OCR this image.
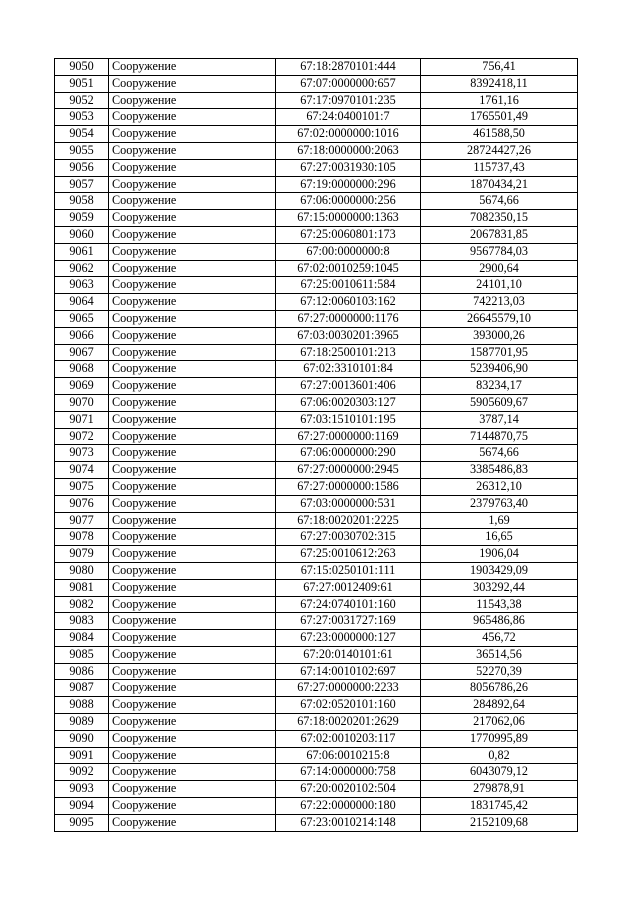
9050	Сооружение	67:18:2870101:444	756,41
9051	Сооружение	67:07:0000000:657	8392418,11
9052	Сооружение	67:17:0970101:235	1761,16
9053	Сооружение	67:24:0400101:7	1765501,49
9054	Сооружение	67:02:0000000:1016	461588,50
9055	Сооружение	67:18:0000000:2063	28724427,26
9056	Сооружение	67:27:0031930:105	115737,43
9057	Сооружение	67:19:0000000:296	1870434,21
9058	Сооружение	67:06:0000000:256	5674,66
9059	Сооружение	67:15:0000000:1363	7082350,15
9060	Сооружение	67:25:0060801:173	2067831,85
9061	Сооружение	67:00:0000000:8	9567784,03
9062	Сооружение	67:02:0010259:1045	2900,64
9063	Сооружение	67:25:0010611:584	24101,10
9064	Сооружение	67:12:0060103:162	742213,03
9065	Сооружение	67:27:0000000:1176	26645579,10
9066	Сооружение	67:03:0030201:3965	393000,26
9067	Сооружение	67:18:2500101:213	1587701,95
9068	Сооружение	67:02:3310101:84	5239406,90
9069	Сооружение	67:27:0013601:406	83234,17
9070	Сооружение	67:06:0020303:127	5905609,67
9071	Сооружение	67:03:1510101:195	3787,14
9072	Сооружение	67:27:0000000:1169	7144870,75
9073	Сооружение	67:06:0000000:290	5674,66
9074	Сооружение	67:27:0000000:2945	3385486,83
9075	Сооружение	67:27:0000000:1586	26312,10
9076	Сооружение	67:03:0000000:531	2379763,40
9077	Сооружение	67:18:0020201:2225	1,69
9078	Сооружение	67:27:0030702:315	16,65
9079	Сооружение	67:25:0010612:263	1906,04
9080	Сооружение	67:15:0250101:111	1903429,09
9081	Сооружение	67:27:0012409:61	303292,44
9082	Сооружение	67:24:0740101:160	11543,38
9083	Сооружение	67:27:0031727:169	965486,86
9084	Сооружение	67:23:0000000:127	456,72
9085	Сооружение	67:20:0140101:61	36514,56
9086	Сооружение	67:14:0010102:697	52270,39
9087	Сооружение	67:27:0000000:2233	8056786,26
9088	Сооружение	67:02:0520101:160	284892,64
9089	Сооружение	67:18:0020201:2629	217062,06
9090	Сооружение	67:02:0010203:117	1770995,89
9091	Сооружение	67:06:0010215:8	0,82
9092	Сооружение	67:14:0000000:758	6043079,12
9093	Сооружение	67:20:0020102:504	279878,91
9094	Сооружение	67:22:0000000:180	1831745,42
9095	Сооружение	67:23:0010214:148	2152109,68
